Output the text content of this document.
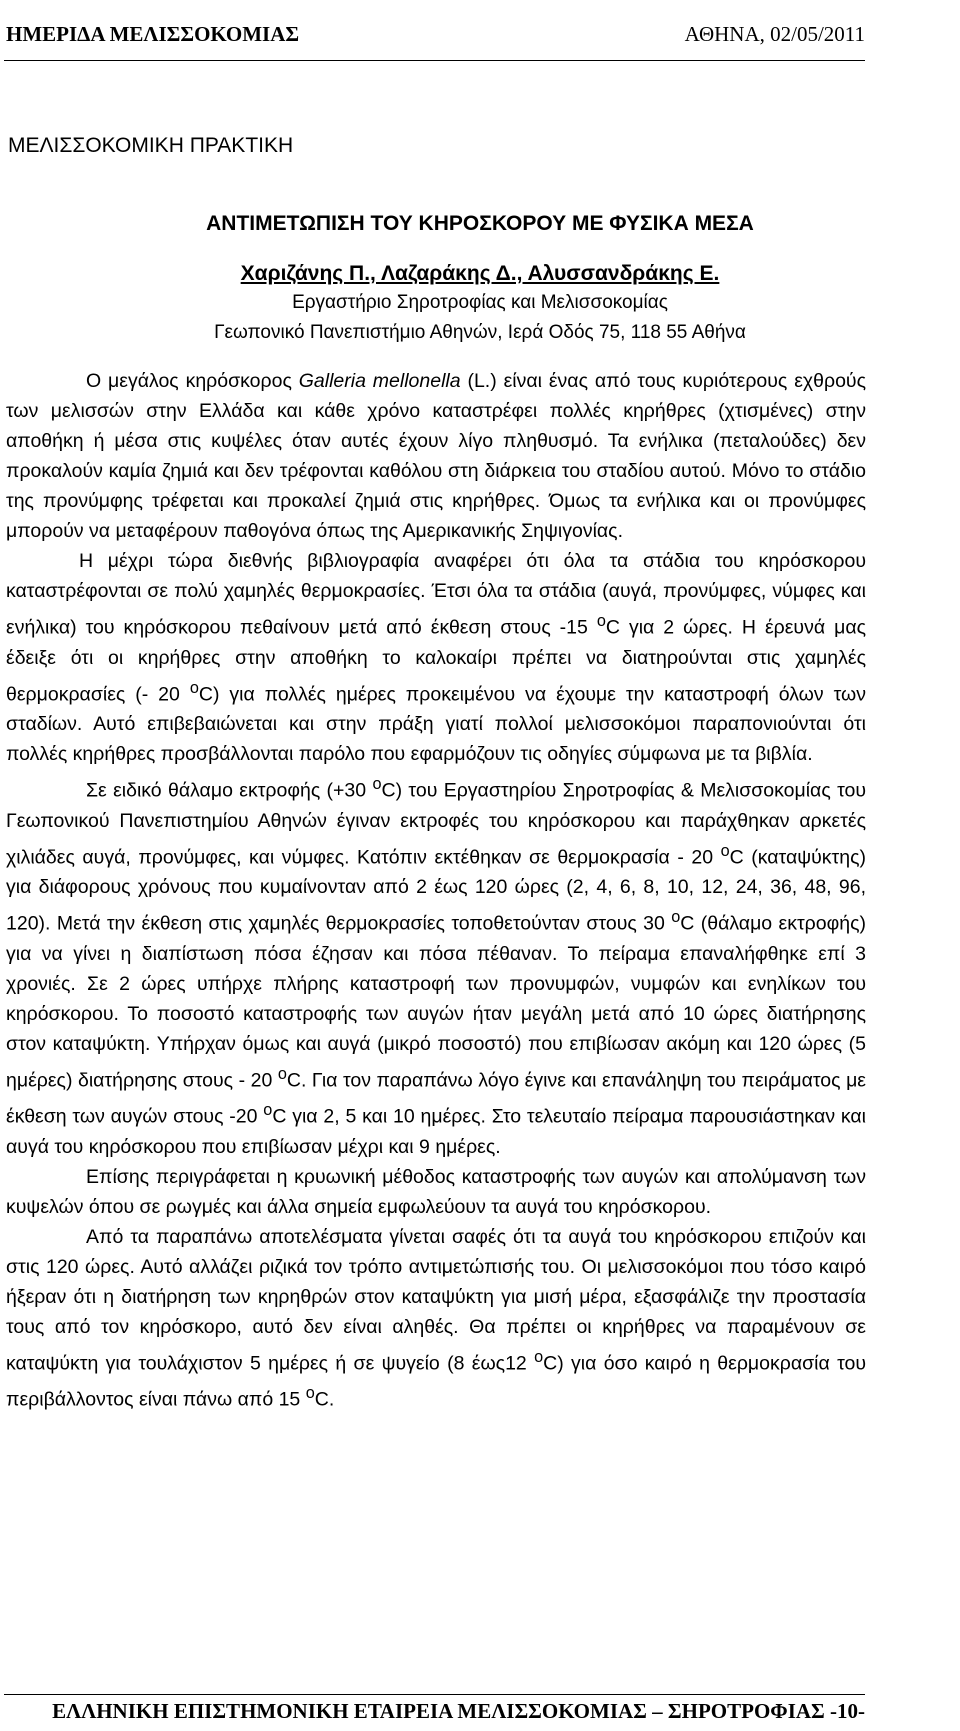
ΗΜΕΡΙΔΑ ΜΕΛΙΣΣΟΚΟΜΙΑΣ	ΑΘΗΝΑ, 02/05/2011
ΜΕΛΙΣΣΟΚΟΜΙΚΗ ΠΡΑΚΤΙΚΗ
ΑΝΤΙΜΕΤΩΠΙΣΗ ΤΟΥ ΚΗΡΟΣΚΟΡΟΥ ΜΕ ΦΥΣΙΚΑ ΜΕΣΑ
Χαριζάνης Π., Λαζαράκης Δ., Αλυσσανδράκης Ε.
Εργαστήριο Σηροτροφίας και Μελισσοκομίας
Γεωπονικό Πανεπιστήμιο Αθηνών, Ιερά Οδός 75, 118 55 Αθήνα

Ο μεγάλος κηρόσκορος Galleria mellonella (L.) είναι ένας από τους κυριότερους εχθρούς των μελισσών στην Ελλάδα και κάθε χρόνο καταστρέφει πολλές κηρήθρες (χτισμένες) στην αποθήκη ή μέσα στις κυψέλες όταν αυτές έχουν λίγο πληθυσμό. Τα ενήλικα (πεταλούδες) δεν προκαλούν καμία ζημιά και δεν τρέφονται καθόλου στη διάρκεια του σταδίου αυτού. Μόνο το στάδιο της προνύμφης τρέφεται και προκαλεί ζημιά στις κηρήθρες. Όμως τα ενήλικα και οι προνύμφες μπορούν να μεταφέρουν παθογόνα όπως της Αμερικανικής Σηψιγονίας.

Η μέχρι τώρα διεθνής βιβλιογραφία αναφέρει ότι όλα τα στάδια του κηρόσκορου καταστρέφονται σε πολύ χαμηλές θερμοκρασίες. Έτσι όλα τα στάδια (αυγά, προνύμφες, νύμφες και ενήλικα) του κηρόσκορου πεθαίνουν μετά από έκθεση στους -15 $^o$C για 2 ώρες. Η έρευνά μας έδειξε ότι οι κηρήθρες στην αποθήκη το καλοκαίρι πρέπει να διατηρούνται στις χαμηλές θερμοκρασίες (- 20 $^o$C) για πολλές ημέρες προκειμένου να έχουμε την καταστροφή όλων των σταδίων. Αυτό επιβεβαιώνεται και στην πράξη γιατί πολλοί μελισσοκόμοι παραπονιούνται ότι πολλές κηρήθρες προσβάλλονται παρόλο που εφαρμόζουν τις οδηγίες σύμφωνα με τα βιβλία.

Σε ειδικό θάλαμο εκτροφής (+30 $^o$C) του Εργαστηρίου Σηροτροφίας & Μελισσοκομίας του Γεωπονικού Πανεπιστημίου Αθηνών έγιναν εκτροφές του κηρόσκορου και παράχθηκαν αρκετές χιλιάδες αυγά, προνύμφες, και νύμφες. Κατόπιν εκτέθηκαν σε θερμοκρασία - 20 $^o$C (καταψύκτης) για διάφορους χρόνους που κυμαίνονταν από 2 έως 120 ώρες (2, 4, 6, 8, 10, 12, 24, 36, 48, 96, 120). Μετά την έκθεση στις χαμηλές θερμοκρασίες τοποθετούνταν στους 30 $^o$C (θάλαμο εκτροφής) για να γίνει η διαπίστωση πόσα έζησαν και πόσα πέθαναν. Το πείραμα επαναλήφθηκε επί 3 χρονιές. Σε 2 ώρες υπήρχε πλήρης καταστροφή των προνυμφών, νυμφών και ενηλίκων του κηρόσκορου. Το ποσοστό καταστροφής των αυγών ήταν μεγάλη μετά από 10 ώρες διατήρησης στον καταψύκτη. Υπήρχαν όμως και αυγά (μικρό ποσοστό) που επιβίωσαν ακόμη και 120 ώρες (5 ημέρες) διατήρησης στους - 20 $^o$C. Για τον παραπάνω λόγο έγινε και επανάληψη του πειράματος με έκθεση των αυγών στους -20 $^o$C για 2, 5 και 10 ημέρες. Στο τελευταίο πείραμα παρουσιάστηκαν και αυγά του κηρόσκορου που επιβίωσαν μέχρι και 9 ημέρες.

Επίσης περιγράφεται η κρυωνική μέθοδος καταστροφής των αυγών και απολύμανση των κυψελών όπου σε ρωγμές και άλλα σημεία εμφωλεύουν τα αυγά του κηρόσκορου.

Από τα παραπάνω αποτελέσματα γίνεται σαφές ότι τα αυγά του κηρόσκορου επιζούν και στις 120 ώρες. Αυτό αλλάζει ριζικά τον τρόπο αντιμετώπισής του. Οι μελισσοκόμοι που τόσο καιρό ήξεραν ότι η διατήρηση των κηρηθρών στον καταψύκτη για μισή μέρα, εξασφάλιζε την προστασία τους από τον κηρόσκορο, αυτό δεν είναι αληθές. Θα πρέπει οι κηρήθρες να παραμένουν σε καταψύκτη για τουλάχιστον 5 ημέρες ή σε ψυγείο (8 έως12 $^o$C) για όσο καιρό η θερμοκρασία του περιβάλλοντος είναι πάνω από 15 $^o$C.

ΕΛΛΗΝΙΚΗ ΕΠΙΣΤΗΜΟΝΙΚΗ ΕΤΑΙΡΕΙΑ ΜΕΛΙΣΣΟΚΟΜΙΑΣ – ΣΗΡΟΤΡΟΦΙΑΣ -10-
